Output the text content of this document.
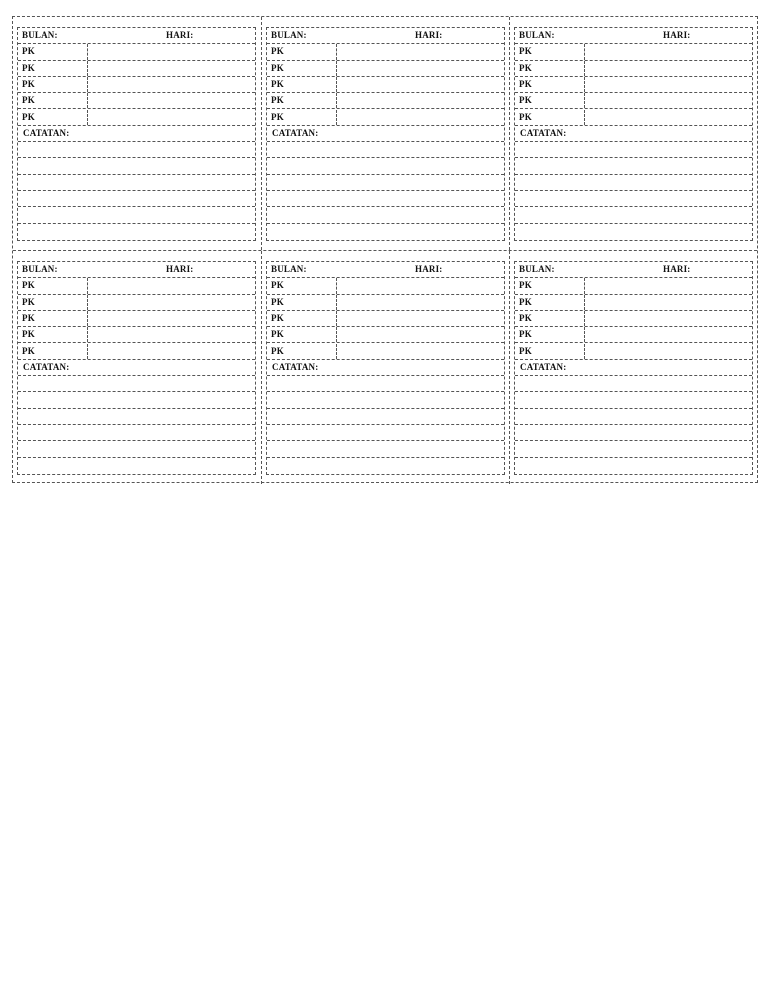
BULAN:	HARI:
PK
PK
PK
PK
PK
CATATAN:
BULAN:	HARI:
PK
PK
PK
PK
PK
CATATAN:
BULAN:	HARI:
PK
PK
PK
PK
PK
CATATAN:
BULAN:	HARI:
PK
PK
PK
PK
PK
CATATAN:
BULAN:	HARI:
PK
PK
PK
PK
PK
CATATAN:
BULAN:	HARI:
PK
PK
PK
PK
PK
CATATAN:
